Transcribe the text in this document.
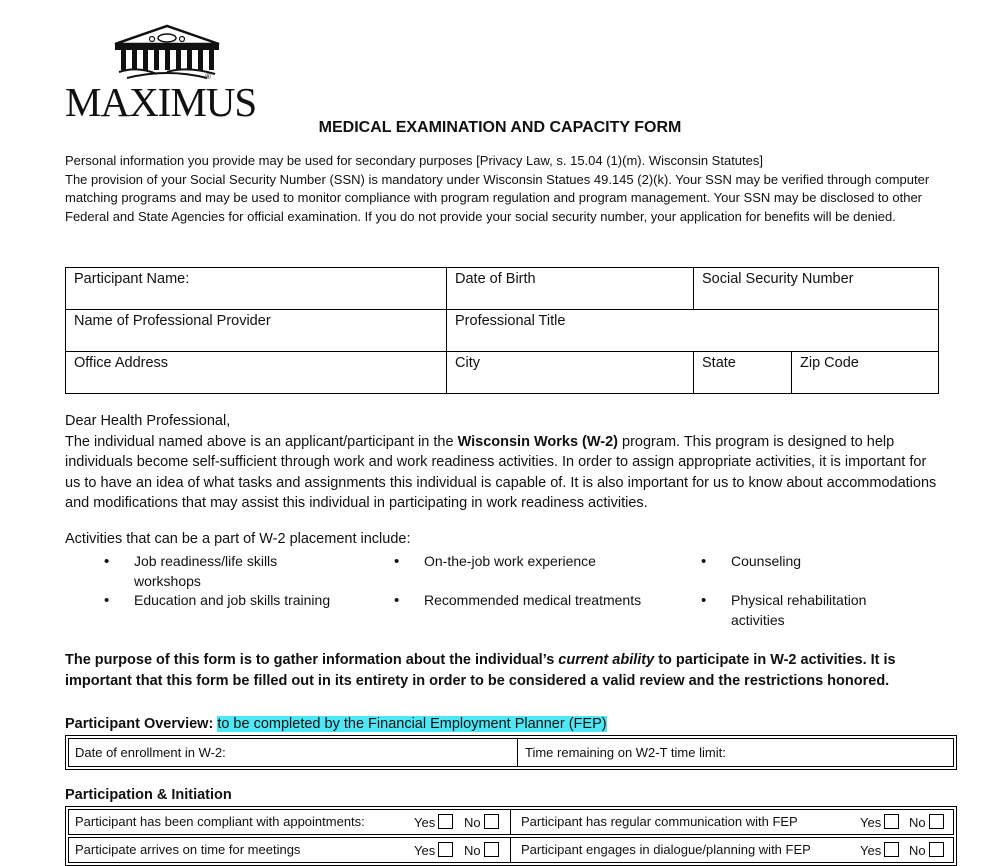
®
MAXIMUS
MEDICAL EXAMINATION AND CAPACITY FORM

Personal information you provide may be used for secondary purposes [Privacy Law, s. 15.04 (1)(m). Wisconsin Statutes]

The provision of your Social Security Number (SSN) is mandatory under Wisconsin Statues 49.145 (2)(k). Your SSN may be verified through computer matching programs and may be used to monitor compliance with program regulation and program management. Your SSN may be disclosed to other Federal and State Agencies for official examination. If you do not provide your social security number, your application for benefits will be denied.

Participant Name:	Date of Birth	Social Security Number	
Name of Professional Provider	Professional Title		
Office Address	City	State	Zip Code

Dear Health Professional,

The individual named above is an applicant/participant in the Wisconsin Works (W-2) program. This program is designed to help individuals become self-sufficient through work and work readiness activities. In order to assign appropriate activities, it is important for us to have an idea of what tasks and assignments this individual is capable of. It is also important for us to know about accommodations and modifications that may assist this individual in participating in work readiness activities.

Activities that can be a part of W-2 placement include:
• Job readiness/life skills workshops
• On-the-job work experience	• Counseling
• Education and job skills training	• Recommended medical treatments	• Physical rehabilitation activities
The purpose of this form is to gather information about the individual’s current ability to participate in W-2 activities. It is important that this form be filled out in its entirety in order to be considered a valid review and the restrictions honored.
Participant Overview: to be completed by the Financial Employment Planner (FEP)
Date of enrollment in W-2:	Time remaining on W2-T time limit:
Participation & Initiation
Participant has been compliant with appointments:	Yes	No	Participant has regular communication with FEP	Yes	No
Participate arrives on time for meetings	Yes	No	Participant engages in dialogue/planning with FEP	Yes	No
